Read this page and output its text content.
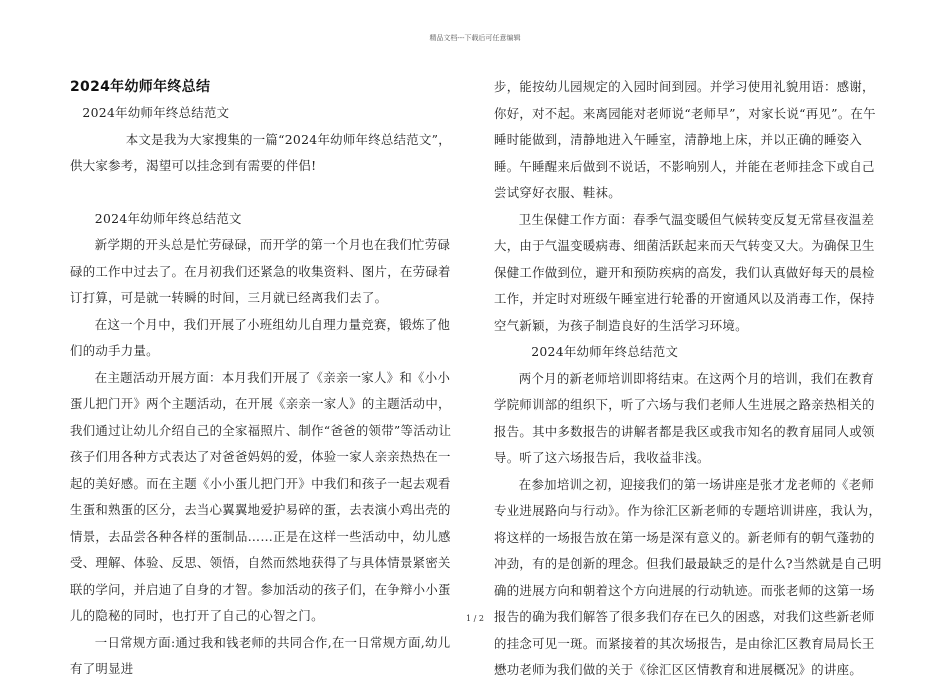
精品文档---下载后可任意编辑
2024年幼师年终总结
2024年幼师年终总结范文

本文是我为大家搜集的一篇“2024年幼师年终总结范文”，供大家参考，渴望可以挂念到有需要的伴侣!

2024年幼师年终总结范文

新学期的开头总是忙劳碌碌，而开学的第一个月也在我们忙劳碌碌的工作中过去了。在月初我们还紧急的收集资料、图片，在劳碌着订打算，可是就一转瞬的时间，三月就已经离我们去了。

在这一个月中，我们开展了小班组幼儿自理力量竞赛，锻炼了他们的动手力量。

在主题活动开展方面：本月我们开展了《亲亲一家人》和《小小蛋儿把门开》两个主题活动，在开展《亲亲一家人》的主题活动中，我们通过让幼儿介绍自己的全家福照片、制作“爸爸的领带”等活动让孩子们用各种方式表达了对爸爸妈妈的爱，体验一家人亲亲热热在一起的美好感。而在主题《小小蛋儿把门开》中我们和孩子一起去观看生蛋和熟蛋的区分，去当心翼翼地爱护易碎的蛋，去表演小鸡出壳的情景，去品尝各种各样的蛋制品……正是在这样一些活动中，幼儿感受、理解、体验、反思、领悟，自然而然地获得了与具体情景紧密关联的学问，并启迪了自身的才智。参加活动的孩子们，在争辩小小蛋儿的隐秘的同时，也打开了自己的心智之门。

一日常规方面:通过我和钱老师的共同合作,在一日常规方面,幼儿有了明显进

步，能按幼儿园规定的入园时间到园。并学习使用礼貌用语：感谢，你好，对不起。来离园能对老师说“老师早”，对家长说“再见”。在午睡时能做到，清静地进入午睡室，清静地上床，并以正确的睡姿入睡。午睡醒来后做到不说话，不影响别人，并能在老师挂念下或自己尝试穿好衣服、鞋袜。

卫生保健工作方面：春季气温变暖但气候转变反复无常昼夜温差大，由于气温变暖病毒、细菌活跃起来而天气转变又大。为确保卫生保健工作做到位，避开和预防疾病的高发，我们认真做好每天的晨检工作，并定时对班级午睡室进行轮番的开窗通风以及消毒工作，保持空气新颖，为孩子制造良好的生活学习环境。

2024年幼师年终总结范文

两个月的新老师培训即将结束。在这两个月的培训，我们在教育学院师训部的组织下，听了六场与我们老师人生进展之路亲热相关的报告。其中多数报告的讲解者都是我区或我市知名的教育届同人或领导。听了这六场报告后，我收益非浅。

在参加培训之初，迎接我们的第一场讲座是张才龙老师的《老师专业进展路向与行动》。作为徐汇区新老师的专题培训讲座，我认为，将这样的一场报告放在第一场是深有意义的。新老师有的朝气蓬勃的冲劲，有的是创新的理念。但我们最最缺乏的是什么?当然就是自己明确的进展方向和朝着这个方向进展的行动轨迹。而张老师的这第一场报告的确为我们解答了很多我们存在已久的困惑，对我们这些新老师的挂念可见一斑。而紧接着的其次场报告，是由徐汇区教育局局长王懋功老师为我们做的关于《徐汇区区情教育和进展概况》的讲座。

1 / 2
